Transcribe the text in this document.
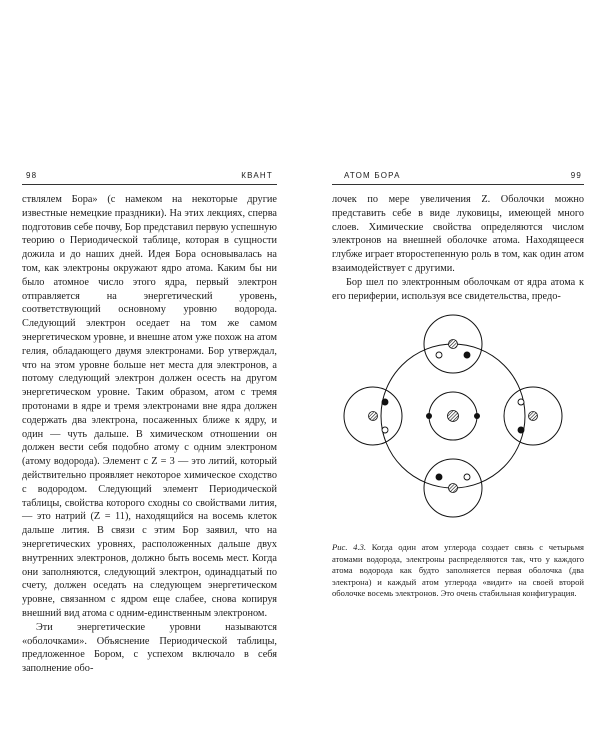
98	КВАНТ

ствлялем Бора» (с намеком на некоторые другие известные немецкие праздники). На этих лекциях, сперва подготовив себе почву, Бор представил первую успешную теорию о Периодической таблице, которая в сущности дожила и до наших дней. Идея Бора основывалась на том, как электроны окружают ядро атома. Каким бы ни было атомное число этого ядра, первый электрон отправляется на энергетический уровень, соответствующий основному уровню водорода. Следующий электрон оседает на том же самом энергетическом уровне, и внешне атом уже похож на атом гелия, обладающего двумя электронами. Бор утверждал, что на этом уровне больше нет места для электронов, а потому следующий электрон должен осесть на другом энергетическом уровне. Таким образом, атом с тремя протонами в ядре и тремя электронами вне ядра должен содержать два электрона, посаженных ближе к ядру, и один — чуть дальше. В химическом отношении он должен вести себя подобно атому с одним электроном (атому водорода). Элемент с Z = 3 — это литий, который действительно проявляет некоторое химическое сходство с водородом. Следующий элемент Периодической таблицы, свойства которого сходны со свойствами лития, — это натрий (Z = 11), находящийся на восемь клеток дальше лития. В связи с этим Бор заявил, что на энергетических уровнях, расположенных дальше двух внутренних электронов, должно быть восемь мест. Когда они заполняются, следующий электрон, одинадцатый по счету, должен оседать на следующем энергетическом уровне, связанном с ядром еще слабее, снова копируя внешний вид атома с одним-единственным электроном.

Эти энергетические уровни называются «оболочками». Объяснение Периодической таблицы, предложенное Бором, с успехом включало в себя заполнение обо-

АТОМ БОРА	99

лочек по мере увеличения Z. Оболочки можно представить себе в виде луковицы, имеющей много слоев. Химические свойства определяются числом электронов на внешней оболочке атома. Находящееся глубже играет второстепенную роль в том, как один атом взаимодействует с другими.

Бор шел по электронным оболочкам от ядра атома к его периферии, используя все свидетельства, предо-

Рис. 4.3. Когда один атом углерода создает связь с четырьмя атомами водорода, электроны распределяются так, что у каждого атома водорода как будто заполняется первая оболочка (два электрона) и каждый атом углерода «видит» на своей второй оболочке восемь электронов. Это очень стабильная конфигурация.
